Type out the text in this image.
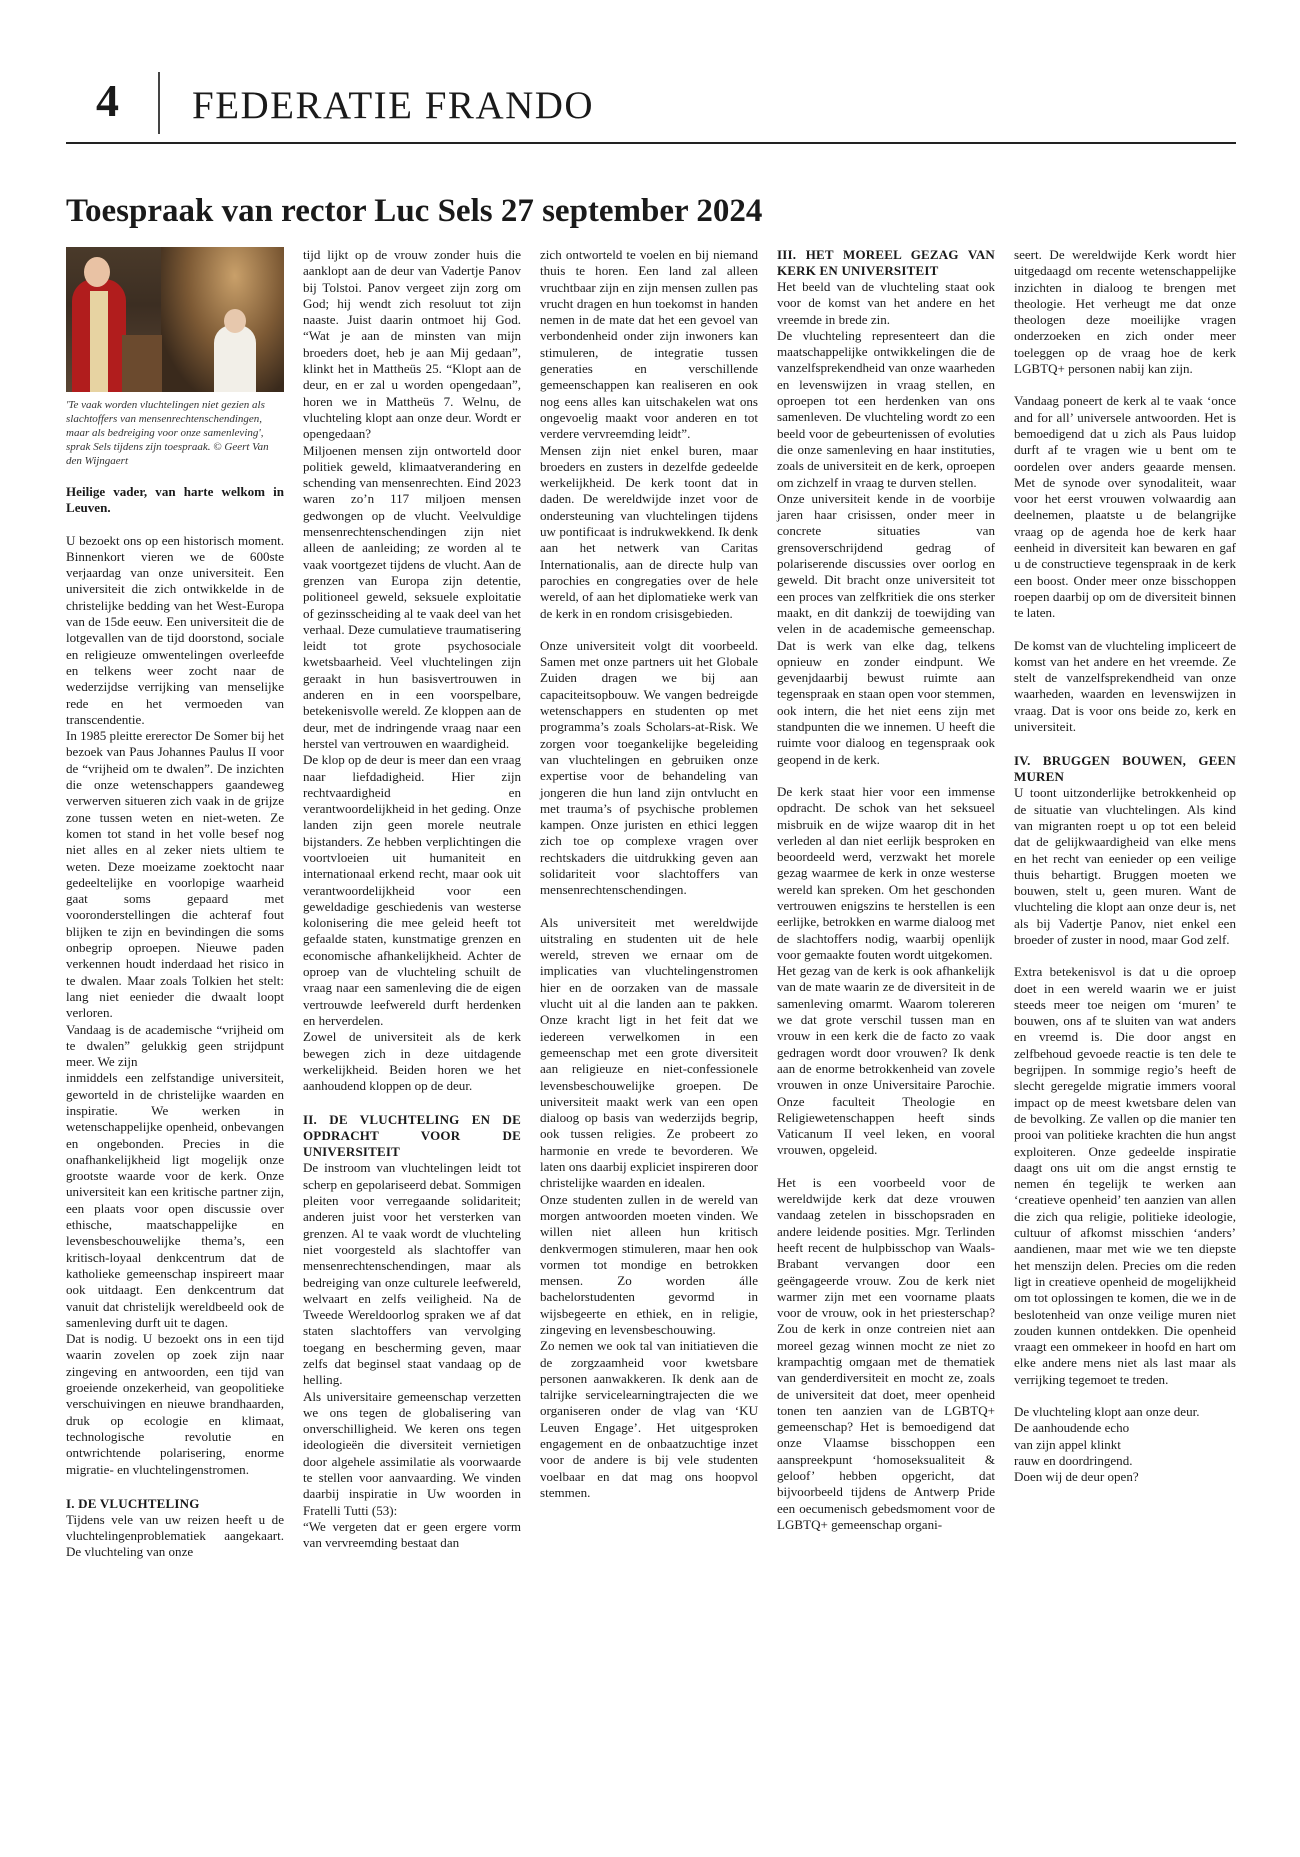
4 FEDERATIE FRANDO
Toespraak van rector Luc Sels 27 september 2024
'Te vaak worden vluchtelingen niet gezien als slachtoffers van mensenrechtenschendingen, maar als bedreiging voor onze samenleving', sprak Sels tijdens zijn toespraak. © Geert Van den Wijngaert

Heilige vader, van harte welkom in Leuven.

U bezoekt ons op een historisch moment. Binnenkort vieren we de 600ste verjaardag van onze universiteit. Een universiteit die zich ontwikkelde in de christelijke bedding van het West-Europa van de 15de eeuw. Een universiteit die de lotgevallen van de tijd doorstond, sociale en religieuze omwentelingen overleefde en telkens weer zocht naar de wederzijdse verrijking van menselijke rede en het vermoeden van transcendentie.

In 1985 pleitte ererector De Somer bij het bezoek van Paus Johannes Paulus II voor de “vrijheid om te dwalen”. De inzichten die onze wetenschappers gaandeweg verwerven situeren zich vaak in de grijze zone tussen weten en niet-weten. Ze komen tot stand in het volle besef nog niet alles en al zeker niets ultiem te weten. Deze moeizame zoektocht naar gedeeltelijke en voorlopige waarheid gaat soms gepaard met vooronderstellingen die achteraf fout blijken te zijn en bevindingen die soms onbegrip oproepen. Nieuwe paden verkennen houdt inderdaad het risico in te dwalen. Maar zoals Tolkien het stelt: lang niet eenieder die dwaalt loopt verloren.

Vandaag is de academische “vrijheid om te dwalen” gelukkig geen strijdpunt meer. We zijn

inmiddels een zelfstandige universiteit, geworteld in de christelijke waarden en inspiratie. We werken in wetenschappelijke openheid, onbevangen en ongebonden. Precies in die onafhankelijkheid ligt mogelijk onze grootste waarde voor de kerk. Onze universiteit kan een kritische partner zijn, een plaats voor open discussie over ethische, maatschappelijke en levensbeschouwelijke thema’s, een kritisch-loyaal denkcentrum dat de katholieke gemeenschap inspireert maar ook uitdaagt. Een denkcentrum dat vanuit dat christelijk wereldbeeld ook de samenleving durft uit te dagen.

Dat is nodig. U bezoekt ons in een tijd waarin zovelen op zoek zijn naar zingeving en antwoorden, een tijd van groeiende onzekerheid, van geopolitieke verschuivingen en nieuwe brandhaarden, druk op ecologie en klimaat, technologische revolutie en ontwrichtende polarisering, enorme migratie- en vluchtelingenstromen.

I. DE VLUCHTELING

Tijdens vele van uw reizen heeft u de vluchtelingenproblematiek aangekaart. De vluchteling van onze

tijd lijkt op de vrouw zonder huis die aanklopt aan de deur van Vadertje Panov bij Tolstoi. Panov vergeet zijn zorg om God; hij wendt zich resoluut tot zijn naaste. Juist daarin ontmoet hij God. “Wat je aan de minsten van mijn broeders doet, heb je aan Mij gedaan”, klinkt het in Mattheüs 25. “Klopt aan de deur, en er zal u worden opengedaan”, horen we in Mattheüs 7. Welnu, de vluchteling klopt aan onze deur. Wordt er opengedaan?

Miljoenen mensen zijn ontworteld door politiek geweld, klimaatverandering en schending van mensenrechten. Eind 2023 waren zo’n 117 miljoen mensen gedwongen op de vlucht. Veelvuldige mensenrechtenschendingen zijn niet alleen de aanleiding; ze worden al te vaak voortgezet tijdens de vlucht. Aan de grenzen van Europa zijn detentie, politioneel geweld, seksuele exploitatie of gezinsscheiding al te vaak deel van het verhaal. Deze cumulatieve traumatisering leidt tot grote psychosociale kwetsbaarheid. Veel vluchtelingen zijn geraakt in hun basisvertrouwen in anderen en in een voorspelbare, betekenisvolle wereld. Ze kloppen aan de deur, met de indringende vraag naar een herstel van vertrouwen en waardigheid.

De klop op de deur is meer dan een vraag naar liefdadigheid. Hier zijn rechtvaardigheid en verantwoordelijkheid in het geding. Onze landen zijn geen morele neutrale bijstanders. Ze hebben verplichtingen die voortvloeien uit humaniteit en internationaal erkend recht, maar ook uit verantwoordelijkheid voor een geweldadige geschiedenis van westerse kolonisering die mee geleid heeft tot gefaalde staten, kunstmatige grenzen en economische afhankelijkheid. Achter de oproep van de vluchteling schuilt de vraag naar een samenleving die de eigen vertrouwde leefwereld durft herdenken en herverdelen.

Zowel de universiteit als de kerk bewegen zich in deze uitdagende werkelijkheid. Beiden horen we het aanhoudend kloppen op de deur.

II. DE VLUCHTELING EN DE OPDRACHT VOOR DE UNIVERSITEIT

De instroom van vluchtelingen leidt tot scherp en gepolariseerd debat. Sommigen pleiten voor verregaande solidariteit; anderen juist voor het versterken van grenzen. Al te vaak wordt de vluchteling niet voorgesteld als slachtoffer van mensenrechtenschendingen, maar als bedreiging van onze culturele leefwereld, welvaart en zelfs veiligheid. Na de Tweede Wereldoorlog spraken we af dat staten slachtoffers van vervolging toegang en bescherming geven, maar zelfs dat beginsel staat vandaag op de helling.

Als universitaire gemeenschap verzetten we ons tegen de globalisering van onverschilligheid. We keren ons tegen ideologieën die diversiteit vernietigen door algehele assimilatie als voorwaarde te stellen voor aanvaarding. We vinden daarbij inspiratie in Uw woorden in Fratelli Tutti (53):

“We vergeten dat er geen ergere vorm van vervreemding bestaat dan

zich ontworteld te voelen en bij niemand thuis te horen. Een land zal alleen vruchtbaar zijn en zijn mensen zullen pas vrucht dragen en hun toekomst in handen nemen in de mate dat het een gevoel van verbondenheid onder zijn inwoners kan stimuleren, de integratie tussen generaties en verschillende gemeenschappen kan realiseren en ook nog eens alles kan uitschakelen wat ons ongevoelig maakt voor anderen en tot verdere vervreemding leidt”.

Mensen zijn niet enkel buren, maar broeders en zusters in dezelfde gedeelde werkelijkheid. De kerk toont dat in daden. De wereldwijde inzet voor de ondersteuning van vluchtelingen tijdens uw pontificaat is indrukwekkend. Ik denk aan het netwerk van Caritas Internationalis, aan de directe hulp van parochies en congregaties over de hele wereld, of aan het diplomatieke werk van de kerk in en rondom crisisgebieden.

Onze universiteit volgt dit voorbeeld. Samen met onze partners uit het Globale Zuiden dragen we bij aan capaciteitsopbouw. We vangen bedreigde wetenschappers en studenten op met programma’s zoals Scholars-at-Risk. We zorgen voor toegankelijke begeleiding van vluchtelingen en gebruiken onze expertise voor de behandeling van jongeren die hun land zijn ontvlucht en met trauma’s of psychische problemen kampen. Onze juristen en ethici leggen zich toe op complexe vragen over rechtskaders die uitdrukking geven aan solidariteit voor slachtoffers van mensenrechtenschendingen.

Als universiteit met wereldwijde uitstraling en studenten uit de hele wereld, streven we ernaar om de implicaties van vluchtelingenstromen hier en de oorzaken van de massale vlucht uit al die landen aan te pakken. Onze kracht ligt in het feit dat we iedereen verwelkomen in een gemeenschap met een grote diversiteit aan religieuze en niet-confessionele levensbeschouwelijke groepen. De universiteit maakt werk van een open dialoog op basis van wederzijds begrip, ook tussen religies. Ze probeert zo harmonie en vrede te bevorderen. We laten ons daarbij expliciet inspireren door christelijke waarden en idealen.

Onze studenten zullen in de wereld van morgen antwoorden moeten vinden. We willen niet alleen hun kritisch denkvermogen stimuleren, maar hen ook vormen tot mondige en betrokken mensen. Zo worden álle bachelorstudenten gevormd in wijsbegeerte en ethiek, en in religie, zingeving en levensbeschouwing.

Zo nemen we ook tal van initiatieven die de zorgzaamheid voor kwetsbare personen aanwakkeren. Ik denk aan de talrijke servicelearningtrajecten die we organiseren onder de vlag van ‘KU Leuven Engage’. Het uitgesproken engagement en de onbaatzuchtige inzet voor de andere is bij vele studenten voelbaar en dat mag ons hoopvol stemmen.

III. HET MOREEL GEZAG VAN KERK EN UNIVERSITEIT

Het beeld van de vluchteling staat ook voor de komst van het andere en het vreemde in brede zin.

De vluchteling representeert dan die maatschappelijke ontwikkelingen die de vanzelfsprekendheid van onze waarheden en levenswijzen in vraag stellen, en oproepen tot een herdenken van ons samenleven. De vluchteling wordt zo een beeld voor de gebeurtenissen of evoluties die onze samenleving en haar instituties, zoals de universiteit en de kerk, oproepen om zichzelf in vraag te durven stellen.

Onze universiteit kende in de voorbije jaren haar crisissen, onder meer in concrete situaties van grensoverschrijdend gedrag of polariserende discussies over oorlog en geweld. Dit bracht onze universiteit tot een proces van zelfkritiek die ons sterker maakt, en dit dankzij de toewijding van velen in de academische gemeenschap. Dat is werk van elke dag, telkens opnieuw en zonder eindpunt. We gevenjdaarbij bewust ruimte aan tegenspraak en staan open voor stemmen, ook intern, die het niet eens zijn met standpunten die we innemen. U heeft die ruimte voor dialoog en tegenspraak ook geopend in de kerk.

De kerk staat hier voor een immense opdracht. De schok van het seksueel misbruik en de wijze waarop dit in het verleden al dan niet eerlijk besproken en beoordeeld werd, verzwakt het morele gezag waarmee de kerk in onze westerse wereld kan spreken. Om het geschonden vertrouwen enigszins te herstellen is een eerlijke, betrokken en warme dialoog met de slachtoffers nodig, waarbij openlijk voor gemaakte fouten wordt uitgekomen.

Het gezag van de kerk is ook afhankelijk van de mate waarin ze de diversiteit in de samenleving omarmt. Waarom tolereren we dat grote verschil tussen man en vrouw in een kerk die de facto zo vaak gedragen wordt door vrouwen? Ik denk aan de enorme betrokkenheid van zovele vrouwen in onze Universitaire Parochie. Onze faculteit Theologie en Religiewetenschappen heeft sinds Vaticanum II veel leken, en vooral vrouwen, opgeleid.

Het is een voorbeeld voor de wereldwijde kerk dat deze vrouwen vandaag zetelen in bisschopsraden en andere leidende posities. Mgr. Terlinden heeft recent de hulpbisschop van Waals-Brabant vervangen door een geëngageerde vrouw. Zou de kerk niet warmer zijn met een voorname plaats voor de vrouw, ook in het priesterschap? Zou de kerk in onze contreien niet aan moreel gezag winnen mocht ze niet zo krampachtig omgaan met de thematiek van genderdiversiteit en mocht ze, zoals de universiteit dat doet, meer openheid tonen ten aanzien van de LGBTQ+ gemeenschap? Het is bemoedigend dat onze Vlaamse bisschoppen een aanspreekpunt ‘homoseksualiteit & geloof’ hebben opgericht, dat bijvoorbeeld tijdens de Antwerp Pride een oecumenisch gebedsmoment voor de LGBTQ+ gemeenschap organi-

seert. De wereldwijde Kerk wordt hier uitgedaagd om recente wetenschappelijke inzichten in dialoog te brengen met theologie. Het verheugt me dat onze theologen deze moeilijke vragen onderzoeken en zich onder meer toeleggen op de vraag hoe de kerk LGBTQ+ personen nabij kan zijn.

Vandaag poneert de kerk al te vaak ‘once and for all’ universele antwoorden. Het is bemoedigend dat u zich als Paus luidop durft af te vragen wie u bent om te oordelen over anders geaarde mensen. Met de synode over synodaliteit, waar voor het eerst vrouwen volwaardig aan deelnemen, plaatste u de belangrijke vraag op de agenda hoe de kerk haar eenheid in diversiteit kan bewaren en gaf u de constructieve tegenspraak in de kerk een boost. Onder meer onze bisschoppen roepen daarbij op om de diversiteit binnen te laten.

De komst van de vluchteling impliceert de komst van het andere en het vreemde. Ze stelt de vanzelfsprekendheid van onze waarheden, waarden en levenswijzen in vraag. Dat is voor ons beide zo, kerk en universiteit.

IV. BRUGGEN BOUWEN, GEEN MUREN

U toont uitzonderlijke betrokkenheid op de situatie van vluchtelingen. Als kind van migranten roept u op tot een beleid dat de gelijkwaardigheid van elke mens en het recht van eenieder op een veilige thuis behartigt. Bruggen moeten we bouwen, stelt u, geen muren. Want de vluchteling die klopt aan onze deur is, net als bij Vadertje Panov, niet enkel een broeder of zuster in nood, maar God zelf.

Extra betekenisvol is dat u die oproep doet in een wereld waarin we er juist steeds meer toe neigen om ‘muren’ te bouwen, ons af te sluiten van wat anders en vreemd is. Die door angst en zelfbehoud gevoede reactie is ten dele te begrijpen. In sommige regio’s heeft de slecht geregelde migratie immers vooral impact op de meest kwetsbare delen van de bevolking. Ze vallen op die manier ten prooi van politieke krachten die hun angst exploiteren. Onze gedeelde inspiratie daagt ons uit om die angst ernstig te nemen én tegelijk te werken aan ‘creatieve openheid’ ten aanzien van allen die zich qua religie, politieke ideologie, cultuur of afkomst misschien ‘anders’ aandienen, maar met wie we ten diepste het menszijn delen. Precies om die reden ligt in creatieve openheid de mogelijkheid om tot oplossingen te komen, die we in de beslotenheid van onze veilige muren niet zouden kunnen ontdekken. Die openheid vraagt een ommekeer in hoofd en hart om elke andere mens niet als last maar als verrijking tegemoet te treden.

De vluchteling klopt aan onze deur.
De aanhoudende echo
van zijn appel klinkt
rauw en doordringend.
Doen wij de deur open?
